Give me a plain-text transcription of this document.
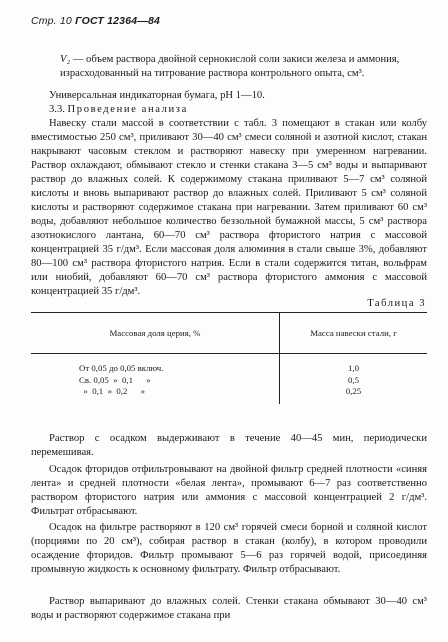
Стр. 10 ГОСТ 12364—84
V₂ — объем раствора двойной сернокислой соли закиси железа и аммония, израсходованный на титрование раствора контрольного опыта, см³.
Универсальная индикаторная бумага, рН 1—10.
3.3. Проведение анализа
Навеску стали массой в соответствии с табл. 3 помещают в стакан или колбу вместимостью 250 см³, приливают 30—40 см³ смеси соляной и азотной кислот, стакан накрывают часовым стеклом и растворяют навеску при умеренном нагревании. Раствор охлаждают, обмывают стекло и стенки стакана 3—5 см³ воды и выпаривают раствор до влажных солей. К содержимому стакана приливают 5—7 см³ соляной кислоты и вновь выпаривают раствор до влажных солей. Приливают 5 см³ соляной кислоты и растворяют содержимое стакана при нагревании. Затем приливают 60 см³ воды, добавляют небольшое количество беззольной бумажной массы, 5 см³ раствора азотнокислого лантана, 60—70 см³ раствора фтористого натрия с массовой концентрацией 35 г/дм³. Если массовая доля алюминия в стали свыше 3%, добавляют 80—100 см³ раствора фтористого натрия. Если в стали содержится титан, вольфрам или ниобий, добавляют 60—70 см³ раствора фтористого аммония с массовой концентрацией 35 г/дм³.
Таблица 3
Массовая доля церия, %	Масса навески стали, г
От 0,05 до 0,05 включ.	1,0
Св. 0,05  »  0,1      »	0,5
»  0,1  »  0,2      »	0,25
Раствор с осадком выдерживают в течение 40—45 мин, периодически перемешивая.
Осадок фторидов отфильтровывают на двойной фильтр средней плотности «синяя лента» и средней плотности «белая лента», промывают 6—7 раз соответственно раствором фтористого натрия или аммония с массовой концентрацией 2 г/дм³. Фильтрат отбрасывают.
Осадок на фильтре растворяют в 120 см³ горячей смеси борной и соляной кислот (порциями по 20 см³), собирая раствор в стакан (колбу), в котором проводили осаждение фторидов. Фильтр промывают 5—6 раз горячей водой, присоединяя промывную жидкость к основному фильтрату. Фильтр отбрасывают.
Раствор выпаривают до влажных солей. Стенки стакана обмывают 30—40 см³ воды и растворяют содержимое стакана при
